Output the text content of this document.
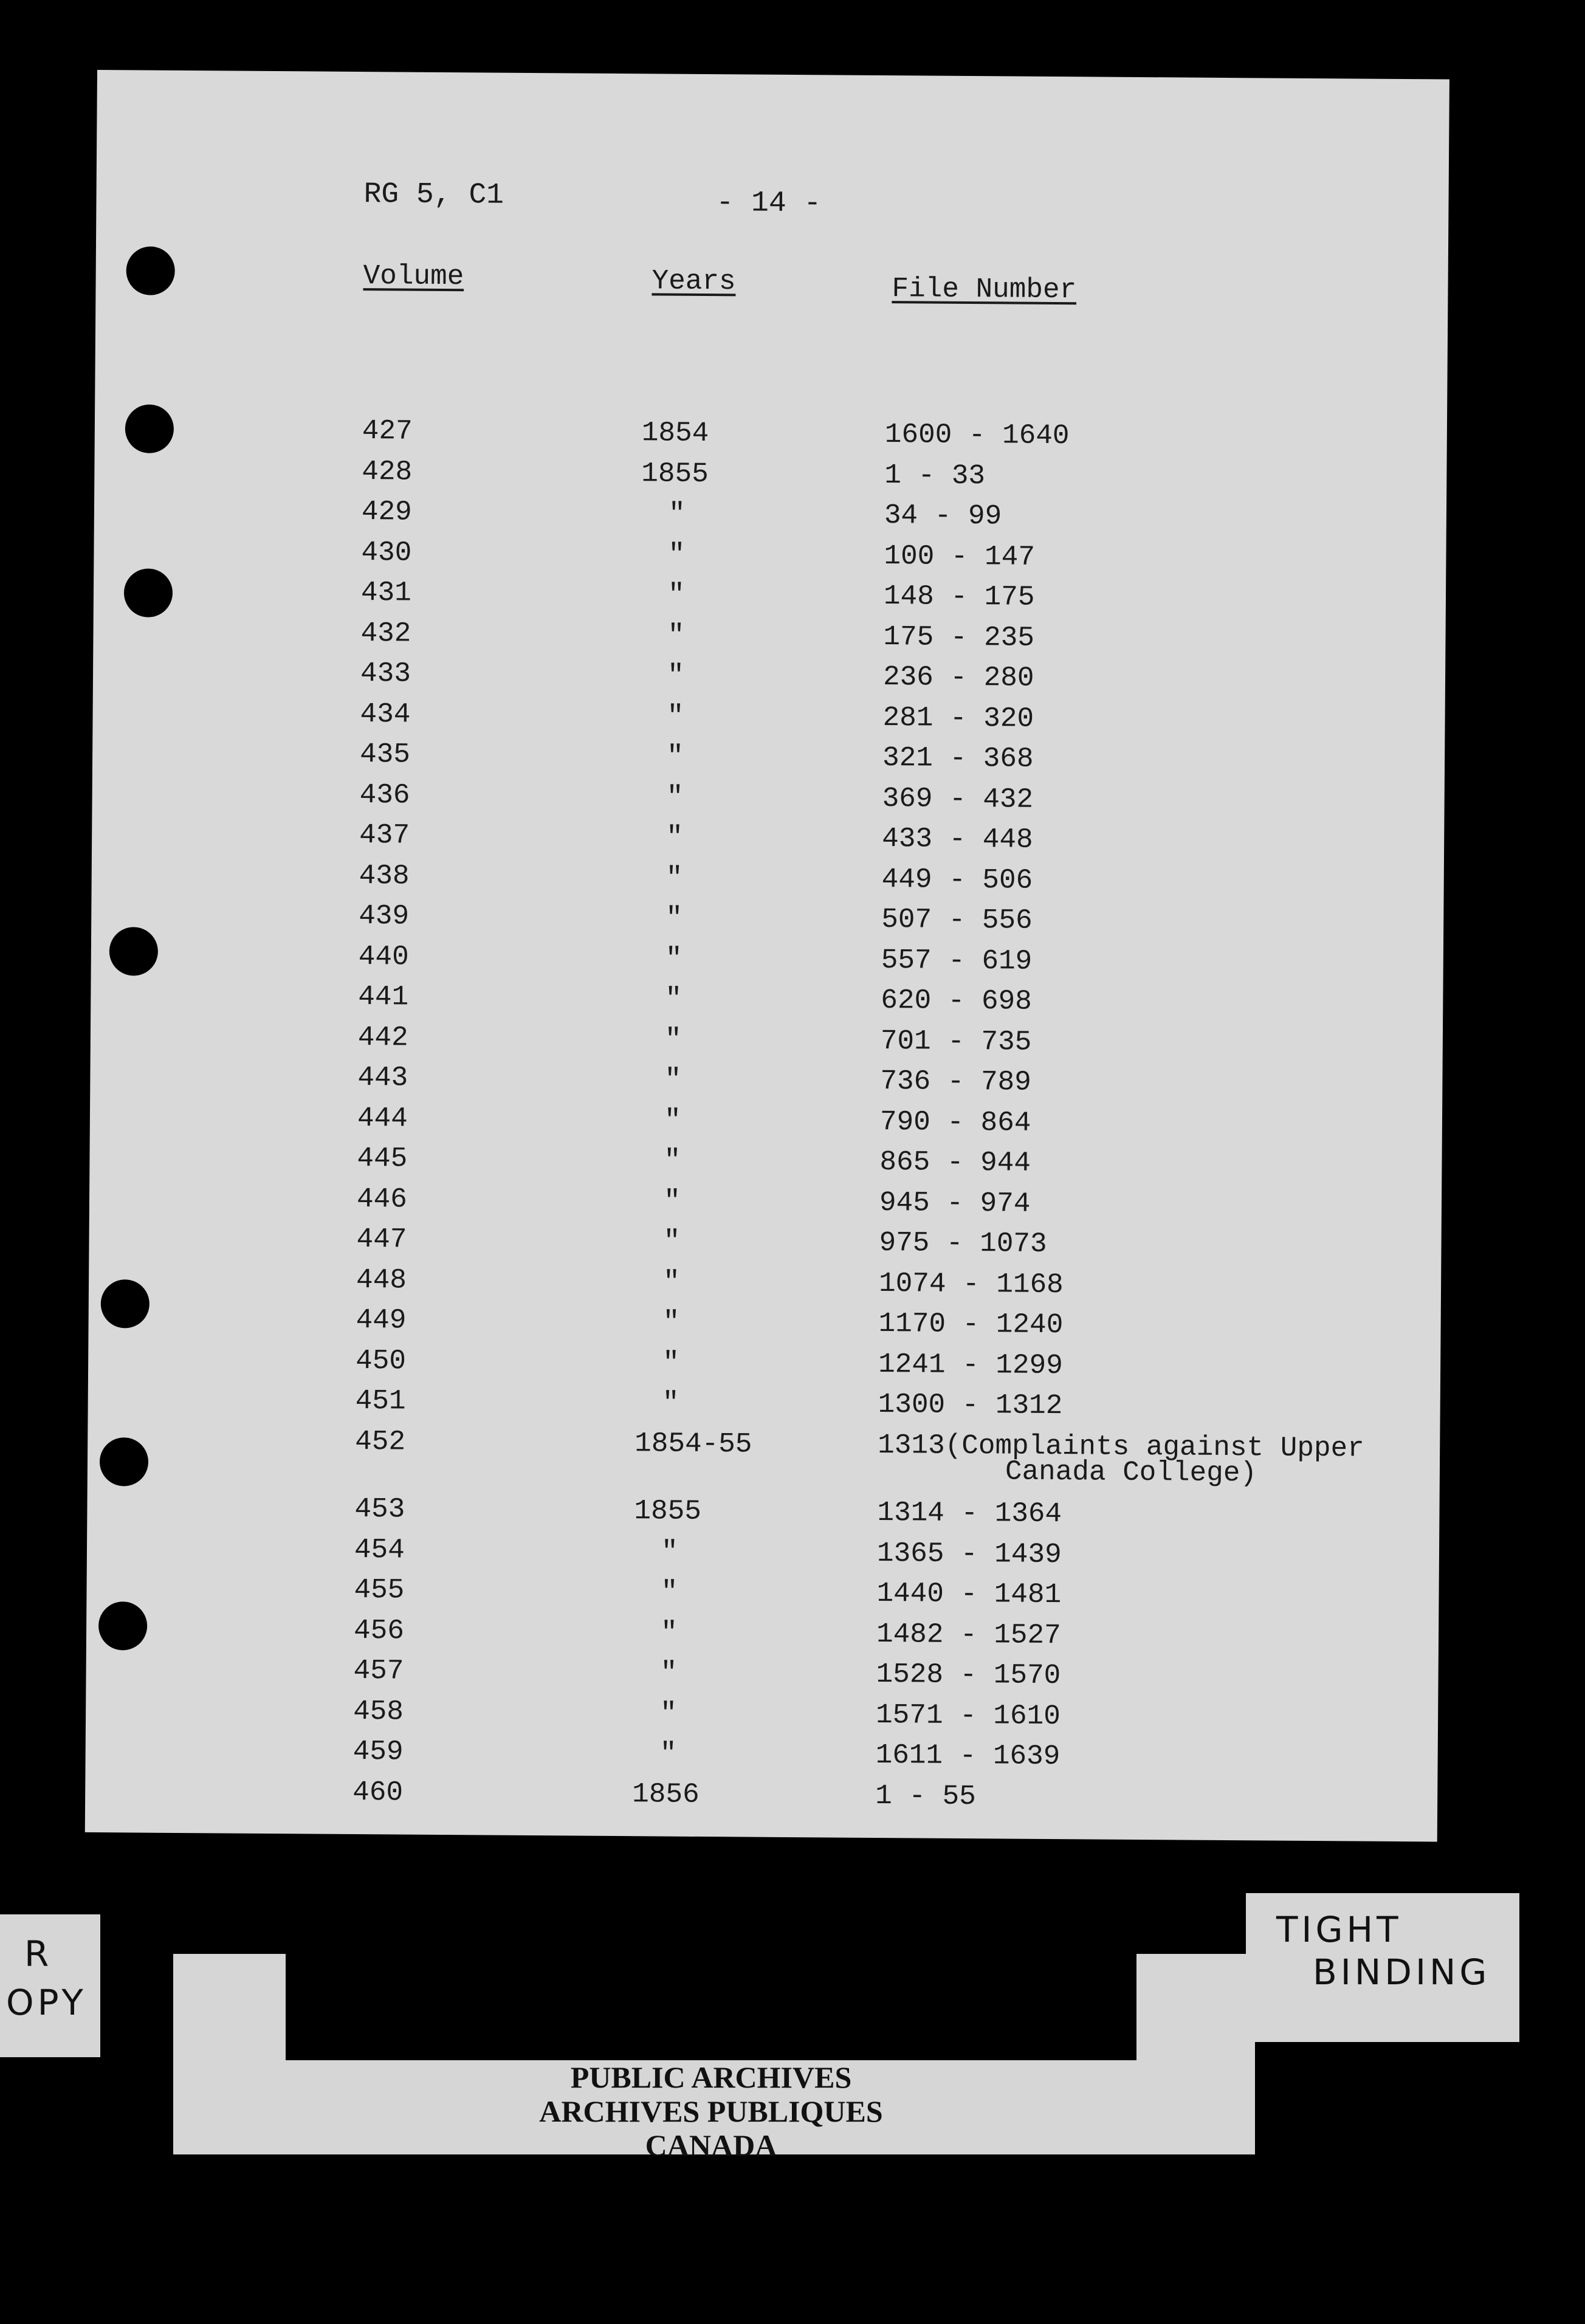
RG 5, C1	- 14 -
Volume	Years	File Number
427	1854	1600 - 1640
428	1855	1 - 33
429	"	34 - 99
430	"	100 - 147
431	"	148 - 175
432	"	175 - 235
433	"	236 - 280
434	"	281 - 320
435	"	321 - 368
436	"	369 - 432
437	"	433 - 448
438	"	449 - 506
439	"	507 - 556
440	"	557 - 619
441	"	620 - 698
442	"	701 - 735
443	"	736 - 789
444	"	790 - 864
445	"	865 - 944
446	"	945 - 974
447	"	975 - 1073
448	"	1074 - 1168
449	"	1170 - 1240
450	"	1241 - 1299
451	"	1300 - 1312
452	1854-55	1313(Complaints against Upper
Canada College)
453	1855	1314 - 1364
454	"	1365 - 1439
455	"	1440 - 1481
456	"	1482 - 1527
457	"	1528 - 1570
458	"	1571 - 1610
459	"	1611 - 1639
460	1856	1 - 55
PUBLIC ARCHIVES
ARCHIVES PUBLIQUES
CANADA
TIGHT
BINDING
R
OPY
